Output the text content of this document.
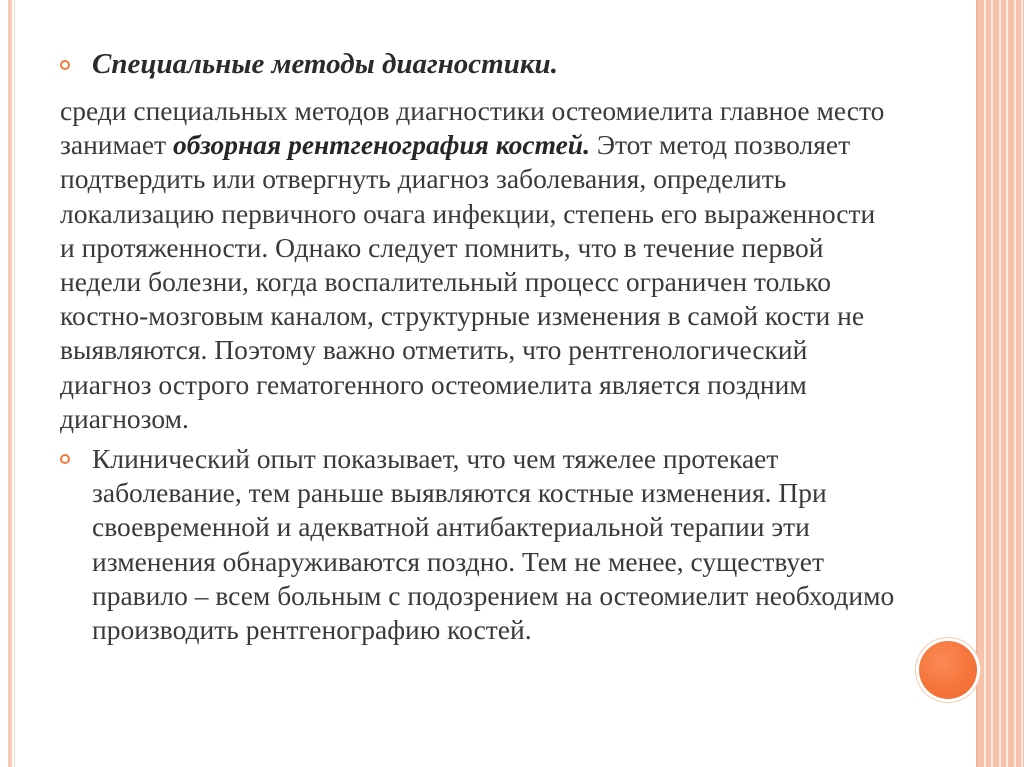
Специальные методы диагностики.

среди специальных методов диагностики остеомиелита главное место занимает обзорная рентгенография костей. Этот метод позволяет подтвердить или отвергнуть диагноз заболевания, определить локализацию первичного очага инфекции, степень его выраженности и протяженности. Однако следует помнить, что в течение первой недели болезни, когда воспалительный процесс ограничен только костно-мозговым каналом, структурные изменения в самой кости не выявляются. Поэтому важно отметить, что рентгенологический диагноз острого гематогенного остеомиелита является поздним диагнозом.

Клинический опыт показывает, что чем тяжелее протекает заболевание, тем раньше выявляются костные изменения. При своевременной и адекватной антибактериальной терапии эти изменения обнаруживаются поздно. Тем не менее, существует правило – всем больным с подозрением на остеомиелит необходимо производить рентгенографию костей.
